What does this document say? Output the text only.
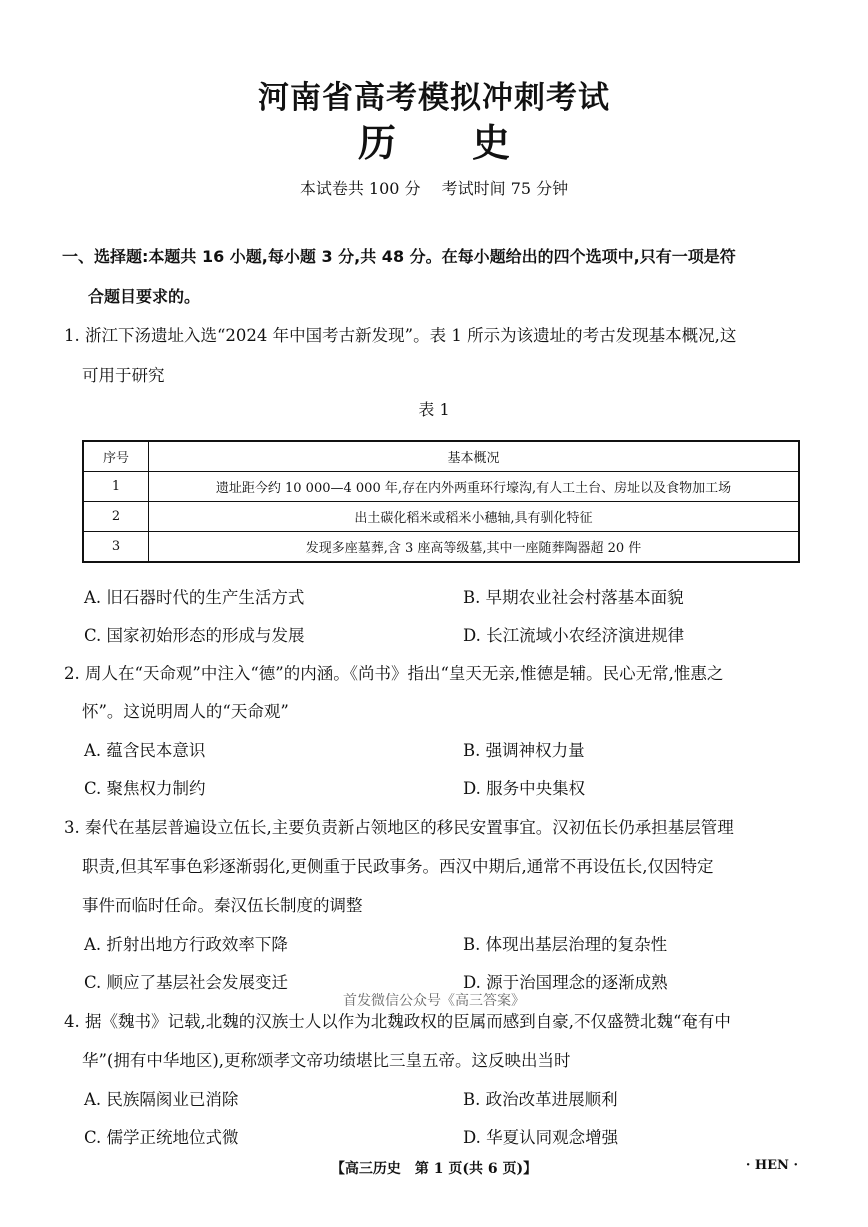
河南省高考模拟冲刺考试
历 史
本试卷共 100 分 考试时间 75 分钟
一、选择题:本题共 16 小题,每小题 3 分,共 48 分。在每小题给出的四个选项中,只有一项是符
合题目要求的。
1. 浙江下汤遗址入选“2024 年中国考古新发现”。表 1 所示为该遗址的考古发现基本概况,这
可用于研究
表 1
序号	基本概况
1	遗址距今约 10 000—4 000 年,存在内外两重环行壕沟,有人工土台、房址以及食物加工场
2	出土碳化稻米或稻米小穗轴,具有驯化特征
3	发现多座墓葬,含 3 座高等级墓,其中一座随葬陶器超 20 件
A. 旧石器时代的生产生活方式	B. 早期农业社会村落基本面貌
C. 国家初始形态的形成与发展	D. 长江流域小农经济演进规律
2. 周人在“天命观”中注入“德”的内涵。《尚书》指出“皇天无亲,惟德是辅。民心无常,惟惠之
怀”。这说明周人的“天命观”
A. 蕴含民本意识	B. 强调神权力量
C. 聚焦权力制约	D. 服务中央集权
3. 秦代在基层普遍设立伍长,主要负责新占领地区的移民安置事宜。汉初伍长仍承担基层管理
职责,但其军事色彩逐渐弱化,更侧重于民政事务。西汉中期后,通常不再设伍长,仅因特定
事件而临时任命。秦汉伍长制度的调整
A. 折射出地方行政效率下降	B. 体现出基层治理的复杂性
C. 顺应了基层社会发展变迁	D. 源于治国理念的逐渐成熟
首发微信公众号《高三答案》
4. 据《魏书》记载,北魏的汉族士人以作为北魏政权的臣属而感到自豪,不仅盛赞北魏“奄有中
华”(拥有中华地区),更称颂孝文帝功绩堪比三皇五帝。这反映出当时
A. 民族隔阂业已消除	B. 政治改革进展顺利
C. 儒学正统地位式微	D. 华夏认同观念增强
【高三历史　第 1 页(共 6 页)】	· HEN ·
